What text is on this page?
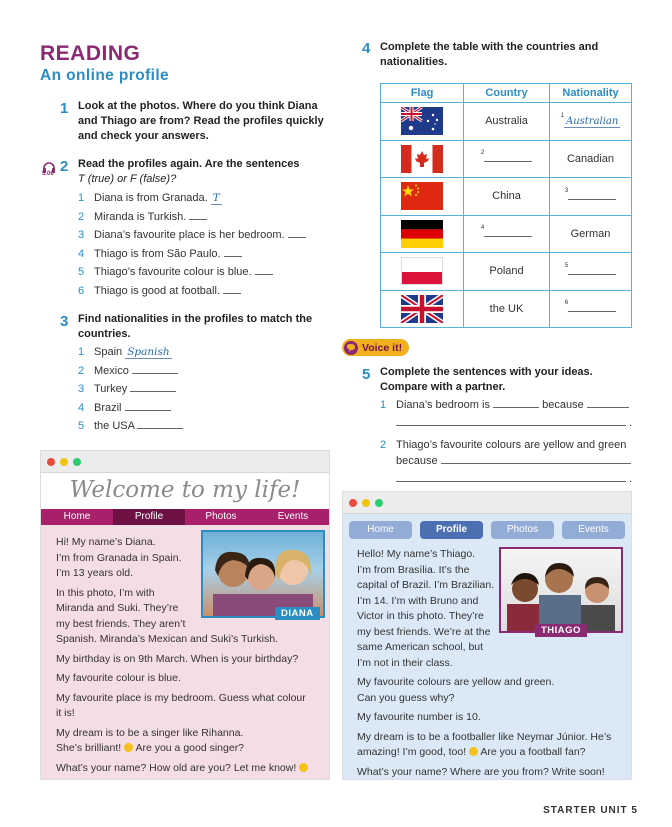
READING
An online profile
1 Look at the photos. Where do you think Diana and Thiago are from? Read the profiles quickly and check your answers.
5.06 2 Read the profiles again. Are the sentences
T (true) or F (false)?
1 Diana is from Granada. T
2 Miranda is Turkish.
3 Diana’s favourite place is her bedroom.
4 Thiago is from São Paulo.
5 Thiago’s favourite colour is blue.
6 Thiago is good at football.
3 Find nationalities in the profiles to match the countries.
1 Spain Spanish
2 Mexico
3 Turkey
4 Brazil
5 the USA
4 Complete the table with the countries and nationalities.
Flag	Country	Nationality

	Australia	$^1$ Australian

	$^2$	Canadian

	China	$^3$

	$^4$	German

	Poland	$^5$

	the UK	$^6$
Voice it!
5 Complete the sentences with your ideas. Compare with a partner.
1 Diana’s bedroom is	because
.
2 Thiago’s favourite colours are yellow and green
because
.
Welcome to my life!
Home	Profile	Photos	Events
DIANA
Hi! My name’s Diana.
I’m from Granada in Spain.
I’m 13 years old.
In this photo, I’m with
Miranda and Suki. They’re
my best friends. They aren’t
Spanish. Miranda’s Mexican and Suki’s Turkish.
My birthday is on 9th March. When is your birthday?
My favourite colour is blue.
My favourite place is my bedroom. Guess what colour
it is!
My dream is to be a singer like Rihanna.
She’s brilliant! Are you a good singer?
What’s your name? How old are you? Let me know!
Home	Profile	Photos	Events
THIAGO
Hello! My name’s Thiago.
I’m from Brasília. It’s the
capital of Brazil. I’m Brazilian.
I’m 14. I’m with Bruno and
Victor in this photo. They’re
my best friends. We’re at the
same American school, but
I’m not in their class.
My favourite colours are yellow and green.
Can you guess why?
My favourite number is 10.
My dream is to be a footballer like Neymar Júnior. He’s
amazing! I’m good, too! Are you a football fan?
What’s your name? Where are you from? Write soon!
STARTER UNIT 5
